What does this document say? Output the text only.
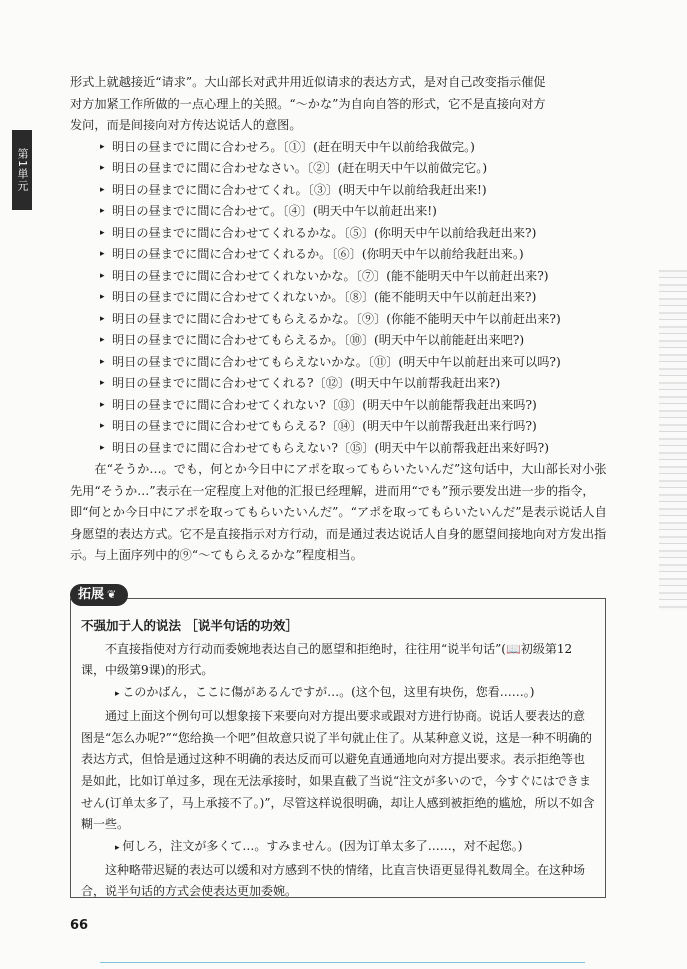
第1単元

形式上就越接近“请求”。大山部长对武井用近似请求的表达方式，是对自己改变指示催促

对方加紧工作所做的一点心理上的关照。“～かな”为自向自答的形式，它不是直接向对方

发问，而是间接向对方传达说话人的意图。

▸ 明日の昼までに間に合わせろ。〔①〕(赶在明天中午以前给我做完。)
▸ 明日の昼までに間に合わせなさい。〔②〕(赶在明天中午以前做完它。)
▸ 明日の昼までに間に合わせてくれ。〔③〕(明天中午以前给我赶出来!)
▸ 明日の昼までに間に合わせて。〔④〕(明天中午以前赶出来!)
▸ 明日の昼までに間に合わせてくれるかな。〔⑤〕(你明天中午以前给我赶出来?)
▸ 明日の昼までに間に合わせてくれるか。〔⑥〕(你明天中午以前给我赶出来。)
▸ 明日の昼までに間に合わせてくれないかな。〔⑦〕(能不能明天中午以前赶出来?)
▸ 明日の昼までに間に合わせてくれないか。〔⑧〕(能不能明天中午以前赶出来?)
▸ 明日の昼までに間に合わせてもらえるかな。〔⑨〕(你能不能明天中午以前赶出来?)
▸ 明日の昼までに間に合わせてもらえるか。〔⑩〕(明天中午以前能赶出来吧?)
▸ 明日の昼までに間に合わせてもらえないかな。〔⑪〕(明天中午以前赶出来可以吗?)
▸ 明日の昼までに間に合わせてくれる?〔⑫〕(明天中午以前帮我赶出来?)
▸ 明日の昼までに間に合わせてくれない?〔⑬〕(明天中午以前能帮我赶出来吗?)
▸ 明日の昼までに間に合わせてもらえる?〔⑭〕(明天中午以前帮我赶出来行吗?)
▸ 明日の昼までに間に合わせてもらえない?〔⑮〕(明天中午以前帮我赶出来好吗?)

在“そうか…。でも，何とか今日中にアポを取ってもらいたいんだ”这句话中，大山部长对小张先用“そうか…”表示在一定程度上对他的汇报已经理解，进而用“でも”预示要发出进一步的指令，即“何とか今日中にアポを取ってもらいたいんだ”。“アポを取ってもらいたいんだ”是表示说话人自身愿望的表达方式。它不是直接指示对方行动，而是通过表达说话人自身的愿望间接地向对方发出指示。与上面序列中的⑨“～てもらえるかな”程度相当。

不强加于人的说法 ［说半句话的功效］

不直接指使对方行动而委婉地表达自己的愿望和拒绝时，往往用“说半句话”(📖初级第12课，中级第9课)的形式。

▸ このかばん，ここに傷があるんですが…。(这个包，这里有块伤，您看……。)

通过上面这个例句可以想象接下来要向对方提出要求或跟对方进行协商。说话人要表达的意图是“怎么办呢?”“您给换一个吧”但故意只说了半句就止住了。从某种意义说，这是一种不明确的表达方式，但恰是通过这种不明确的表达反而可以避免直通通地向对方提出要求。表示拒绝等也是如此，比如订单过多，现在无法承接时，如果直截了当说“注文が多いので，今すぐにはできません(订单太多了，马上承接不了。)”，尽管这样说很明确，却让人感到被拒绝的尴尬，所以不如含糊一些。

▸ 何しろ，注文が多くて…。すみません。(因为订单太多了……，对不起您。)

这种略带迟疑的表达可以缓和对方感到不快的情绪，比直言快语更显得礼数周全。在这种场合，说半句话的方式会使表达更加委婉。

拓展 ❦
66
